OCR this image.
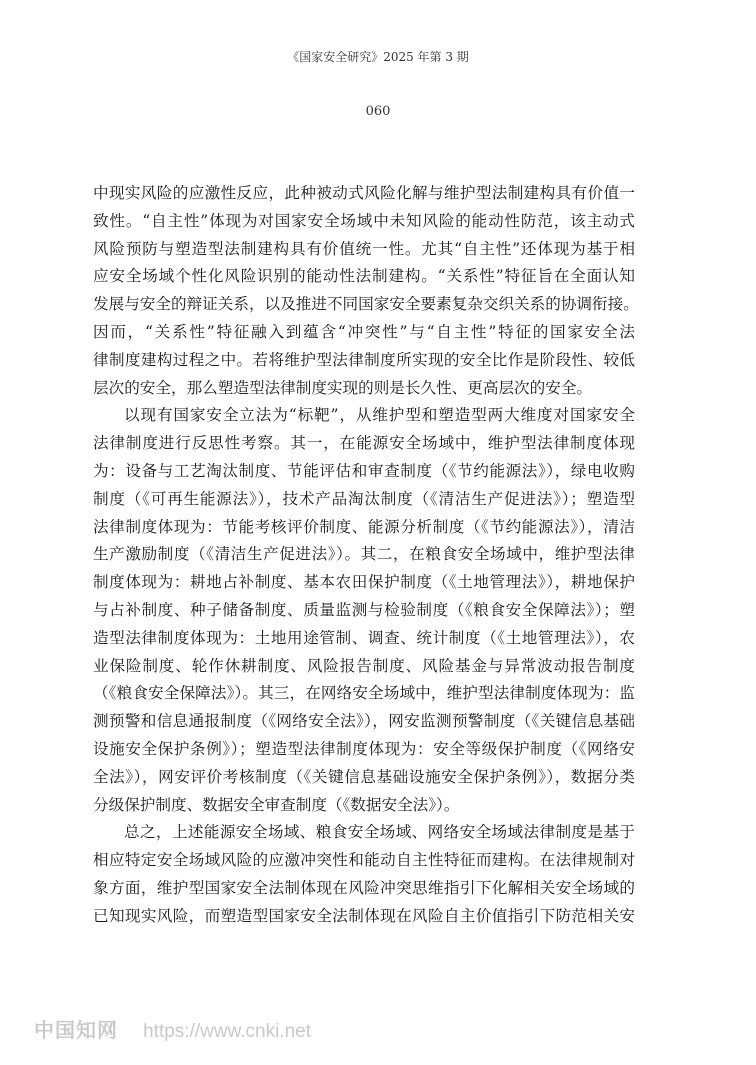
《国家安全研究》2025 年第 3 期
060
中现实风险的应激性反应，此种被动式风险化解与维护型法制建构具有价值一
致性。“自主性”体现为对国家安全场域中未知风险的能动性防范，该主动式
风险预防与塑造型法制建构具有价值统一性。尤其“自主性”还体现为基于相
应安全场域个性化风险识别的能动性法制建构。“关系性”特征旨在全面认知
发展与安全的辩证关系，以及推进不同国家安全要素复杂交织关系的协调衔接。
因而，“关系性”特征融入到蕴含“冲突性”与“自主性”特征的国家安全法
律制度建构过程之中。若将维护型法律制度所实现的安全比作是阶段性、较低
层次的安全，那么塑造型法律制度实现的则是长久性、更高层次的安全。
以现有国家安全立法为“标靶”，从维护型和塑造型两大维度对国家安全
法律制度进行反思性考察。其一，在能源安全场域中，维护型法律制度体现
为：设备与工艺淘汰制度、节能评估和审查制度（《节约能源法》），绿电收购
制度（《可再生能源法》），技术产品淘汰制度（《清洁生产促进法》）；塑造型
法律制度体现为：节能考核评价制度、能源分析制度（《节约能源法》），清洁
生产激励制度（《清洁生产促进法》）。其二，在粮食安全场域中，维护型法律
制度体现为：耕地占补制度、基本农田保护制度（《土地管理法》），耕地保护
与占补制度、种子储备制度、质量监测与检验制度（《粮食安全保障法》）；塑
造型法律制度体现为：土地用途管制、调查、统计制度（《土地管理法》），农
业保险制度、轮作休耕制度、风险报告制度、风险基金与异常波动报告制度
（《粮食安全保障法》）。其三，在网络安全场域中，维护型法律制度体现为：监
测预警和信息通报制度（《网络安全法》），网安监测预警制度（《关键信息基础
设施安全保护条例》）；塑造型法律制度体现为：安全等级保护制度（《网络安
全法》），网安评价考核制度（《关键信息基础设施安全保护条例》），数据分类
分级保护制度、数据安全审查制度（《数据安全法》）。
总之，上述能源安全场域、粮食安全场域、网络安全场域法律制度是基于
相应特定安全场域风险的应激冲突性和能动自主性特征而建构。在法律规制对
象方面，维护型国家安全法制体现在风险冲突思维指引下化解相关安全场域的
已知现实风险，而塑造型国家安全法制体现在风险自主价值指引下防范相关安
中国知网 https://www.cnki.net
